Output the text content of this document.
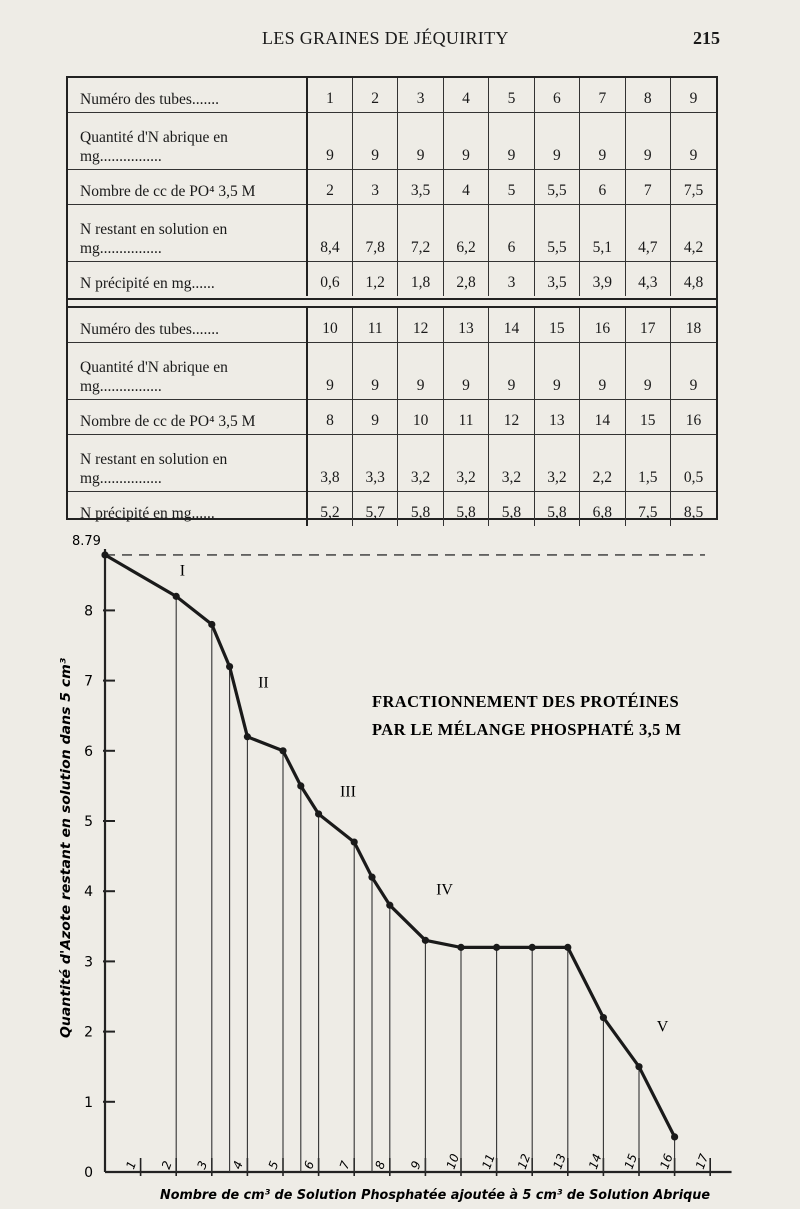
LES GRAINES DE JÉQUIRITY	215
Numéro des tubes.......	1	2	3	4	5	6	7	8	9
Quantité d'N abrique en mg................	9	9	9	9	9	9	9	9	9
Nombre de cc de PO⁴ 3,5 M	2	3	3,5	4	5	5,5	6	7	7,5
N restant en solution en mg................	8,4	7,8	7,2	6,2	6	5,5	5,1	4,7	4,2
N précipité en mg......	0,6	1,2	1,8	2,8	3	3,5	3,9	4,3	4,8
Numéro des tubes.......	10	11	12	13	14	15	16	17	18
Quantité d'N abrique en mg................	9	9	9	9	9	9	9	9	9
Nombre de cc de PO⁴ 3,5 M	8	9	10	11	12	13	14	15	16
N restant en solution en mg................	3,8	3,3	3,2	3,2	3,2	3,2	2,2	1,5	0,5
N précipité en mg......	5,2	5,7	5,8	5,8	5,8	5,8	6,8	7,5	8,5
8.79
0
1
2
3
4
5
6
7
8
1 2 3 4 5 6 7 8 9 10 11 12 13 14 15 16 17
I
II
III
IV
V
FRACTIONNEMENT DES PROTÉINES
PAR LE MÉLANGE PHOSPHATÉ 3,5 M
Nombre de cm³ de Solution Phosphatée ajoutée à 5 cm³ de Solution Abrique
Quantité d'Azote restant en solution dans 5 cm³
